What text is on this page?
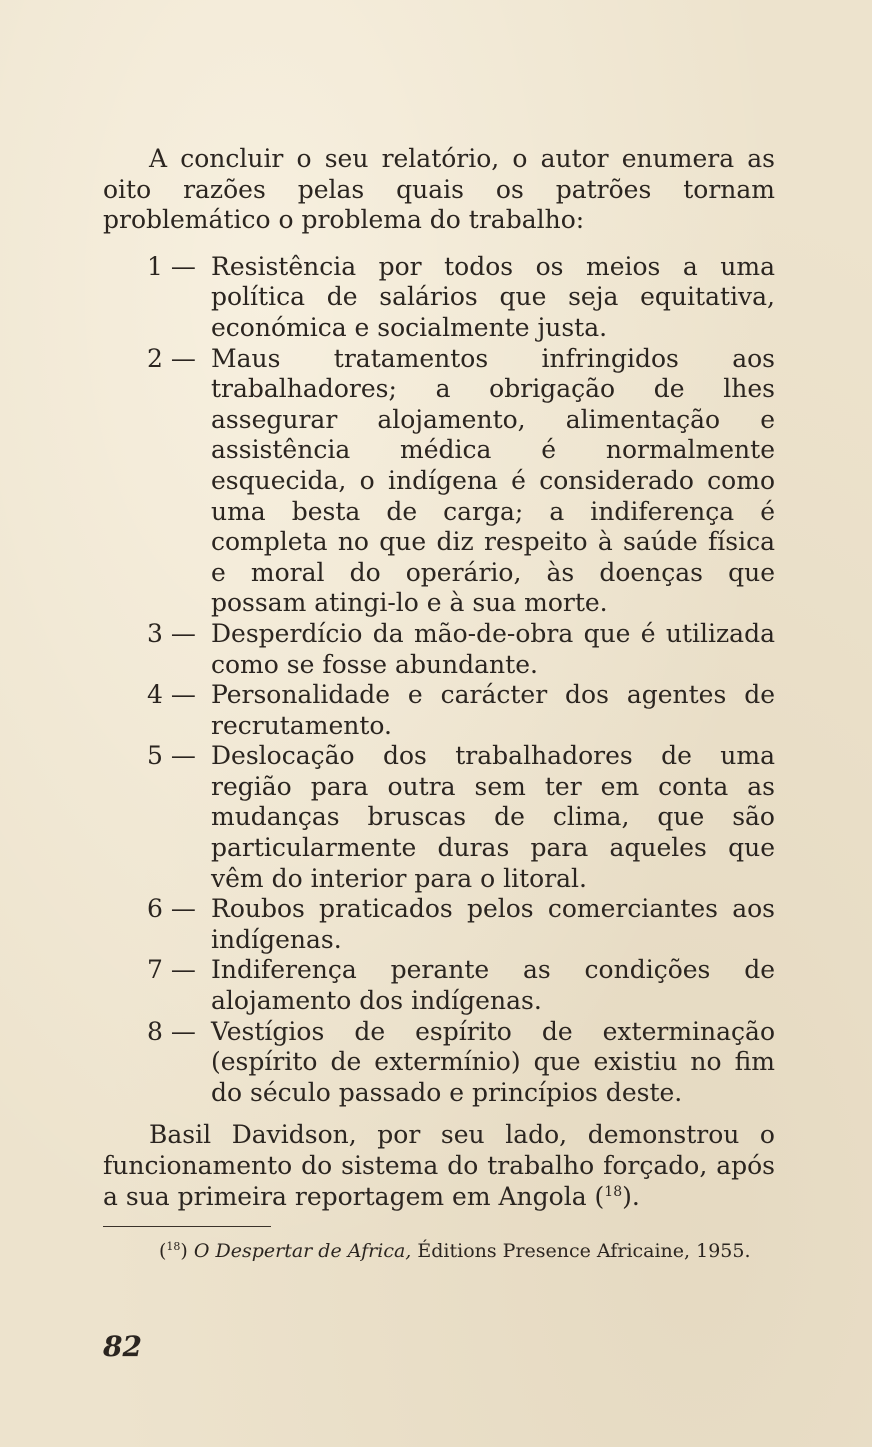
A concluir o seu relatório, o autor enumera as oito razões pelas quais os patrões tornam problemático o problema do trabalho:

1 — Resistência por todos os meios a uma política de salários que seja equitativa, económica e socialmente justa.

2 — Maus tratamentos infringidos aos trabalhadores; a obrigação de lhes assegurar alojamento, alimentação e assistência médica é normalmente esquecida, o indígena é considerado como uma besta de carga; a indiferença é completa no que diz respeito à saúde física e moral do operário, às doenças que possam atingi-lo e à sua morte.

3 — Desperdício da mão-de-obra que é utilizada como se fosse abundante.

4 — Personalidade e carácter dos agentes de recrutamento.

5 — Deslocação dos trabalhadores de uma região para outra sem ter em conta as mudanças bruscas de clima, que são particularmente duras para aqueles que vêm do interior para o litoral.

6 — Roubos praticados pelos comerciantes aos indígenas.

7 — Indiferença perante as condições de alojamento dos indígenas.

8 — Vestígios de espírito de exterminação (espírito de extermínio) que existiu no fim do século passado e princípios deste.

Basil Davidson, por seu lado, demonstrou o funcionamento do sistema do trabalho forçado, após a sua primeira reportagem em Angola ($^{18}$).

($^{18}$) O Despertar de Africa, Éditions Presence Africaine, 1955.

82
